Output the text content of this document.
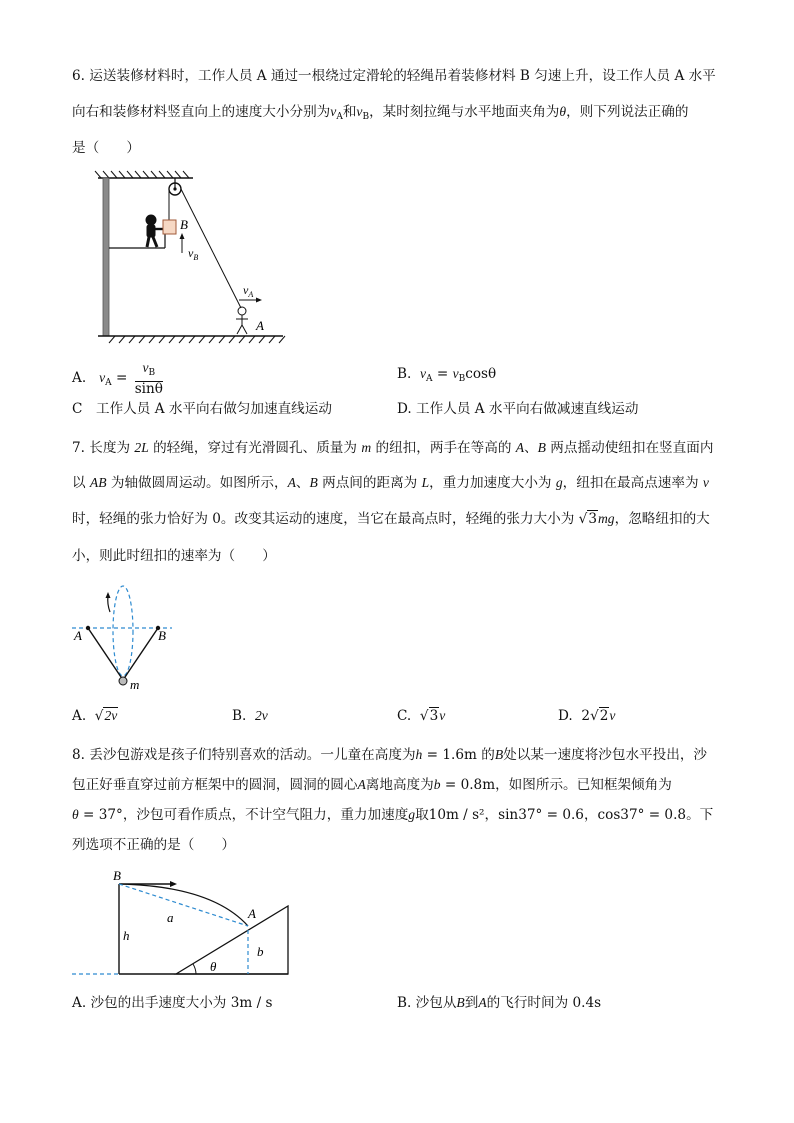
6. 运送装修材料时，工作人员 A 通过一根绕过定滑轮的轻绳吊着装修材料 B 匀速上升，设工作人员 A 水平
向右和装修材料竖直向上的速度大小分别为$v_A$和$v_B$，某时刻拉绳与水平地面夹角为θ，则下列说法正确的
是（　　）
B
$v_B$
$v_A$
A
A. $v_A = \frac{v_B}{\sin\theta}$	B. $v_A = v_B\cos\theta$
C　工作人员 A 水平向右做匀加速直线运动	D. 工作人员 A 水平向右做减速直线运动
7. 长度为 2L 的轻绳，穿过有光滑圆孔、质量为 m 的纽扣，两手在等高的 A、B 两点摇动使纽扣在竖直面内
以 AB 为轴做圆周运动。如图所示，A、B 两点间的距离为 L，重力加速度大小为 g，纽扣在最高点速率为 v
时，轻绳的张力恰好为 0。改变其运动的速度，当它在最高点时，轻绳的张力大小为 √3mg，忽略纽扣的大
小，则此时纽扣的速率为（　　）
A	B
m
A.  √2v	B. 2v	C.  √3v	D. 2√2v
8. 丢沙包游戏是孩子们特别喜欢的活动。一儿童在高度为h = 1.6m 的B处以某一速度将沙包水平投出，沙
包正好垂直穿过前方框架中的圆洞，圆洞的圆心A离地高度为b = 0.8m，如图所示。已知框架倾角为
θ = 37°，沙包可看作质点，不计空气阻力，重力加速度g取10m / s²，sin37° = 0.6，cos37° = 0.8。下
列选项不正确的是（　　）
B
a	A
h
b
θ
A. 沙包的出手速度大小为 3m / s	B. 沙包从B到A的飞行时间为 0.4s
